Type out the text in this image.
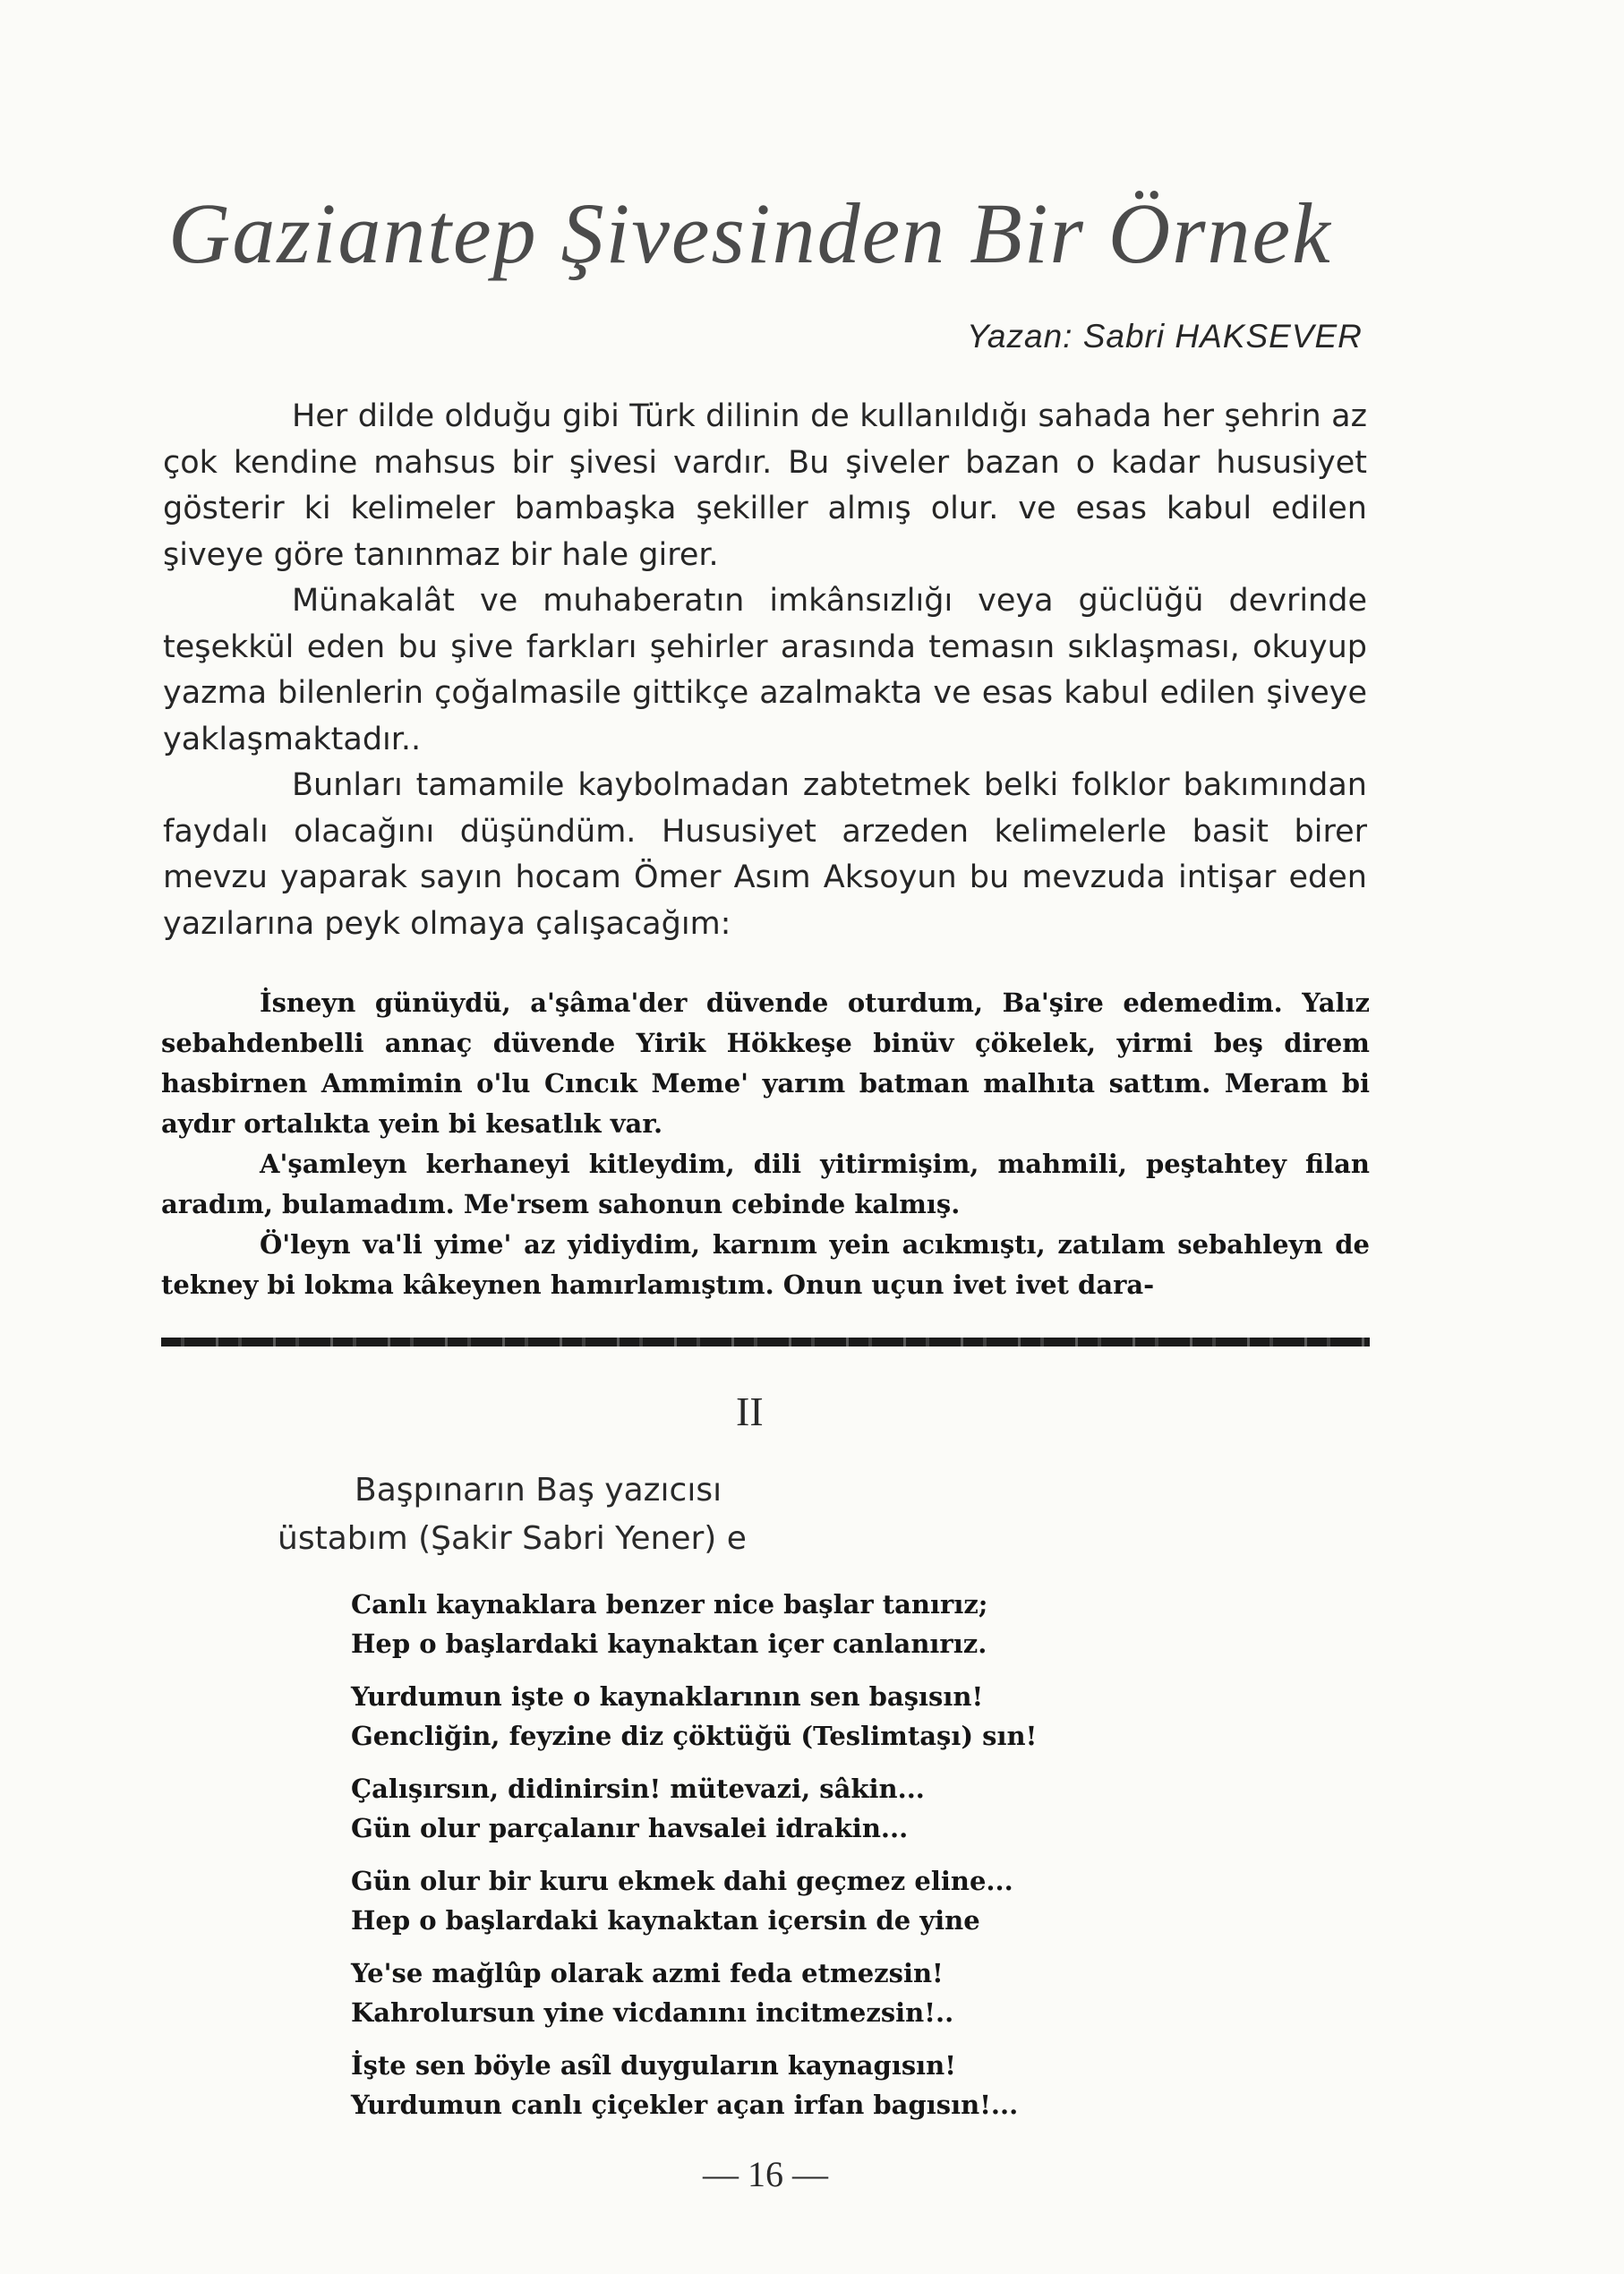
Gaziantep Şivesinden Bir Örnek
Yazan: Sabri HAKSEVER

Her dilde olduğu gibi Türk dilinin de kullanıldığı sahada her şehrin az çok kendine mahsus bir şivesi vardır. Bu şiveler bazan o kadar hususiyet gösterir ki kelimeler bambaşka şekiller almış olur. ve esas kabul edilen şiveye göre tanınmaz bir hale girer.

Münakalât ve muhaberatın imkânsızlığı veya güclüğü devrinde teşekkül eden bu şive farkları şehirler arasında temasın sıklaşması, okuyup yazma bilenlerin çoğalmasile gittikçe azalmakta ve esas kabul edilen şiveye yaklaşmaktadır..

Bunları tamamile kaybolmadan zabtetmek belki folklor bakımından faydalı olacağını düşündüm. Hususiyet arzeden kelimelerle basit birer mevzu yaparak sayın hocam Ömer Asım Aksoyun bu mevzuda intişar eden yazılarına peyk olmaya çalışacağım:

İsneyn günüydü, a'şâma'der düvende oturdum, Ba'şire edemedim. Yalız sebahdenbelli annaç düvende Yirik Hökkeşe binüv çökelek, yirmi beş direm hasbirnen Ammimin o'lu Cıncık Meme' yarım batman malhıta sattım. Meram bi aydır ortalıkta yein bi kesatlık var.

A'şamleyn kerhaneyi kitleydim, dili yitirmişim, mahmili, peştahtey filan aradım, bulamadım. Me'rsem sahonun cebinde kalmış.

Ö'leyn va'li yime' az yidiydim, karnım yein acıkmıştı, zatılam sebahleyn de tekney bi lokma kâkeynen hamırlamıştım. Onun uçun ivet ivet dara-

II
Başpınarın Baş yazıcısı
üstabım (Şakir Sabri Yener) e
Canlı kaynaklara benzer nice başlar tanırız;
Hep o başlardaki kaynaktan içer canlanırız.
Yurdumun işte o kaynaklarının sen başısın!
Gencliğin, feyzine diz çöktüğü (Teslimtaşı) sın!
Çalışırsın, didinirsin! mütevazi, sâkin...
Gün olur parçalanır havsalei idrakin...
Gün olur bir kuru ekmek dahi geçmez eline...
Hep o başlardaki kaynaktan içersin de yine
Ye'se mağlûp olarak azmi feda etmezsin!
Kahrolursun yine vicdanını incitmezsin!..
İşte sen böyle asîl duyguların kaynagısın!
Yurdumun canlı çiçekler açan irfan bagısın!...
— 16 —
